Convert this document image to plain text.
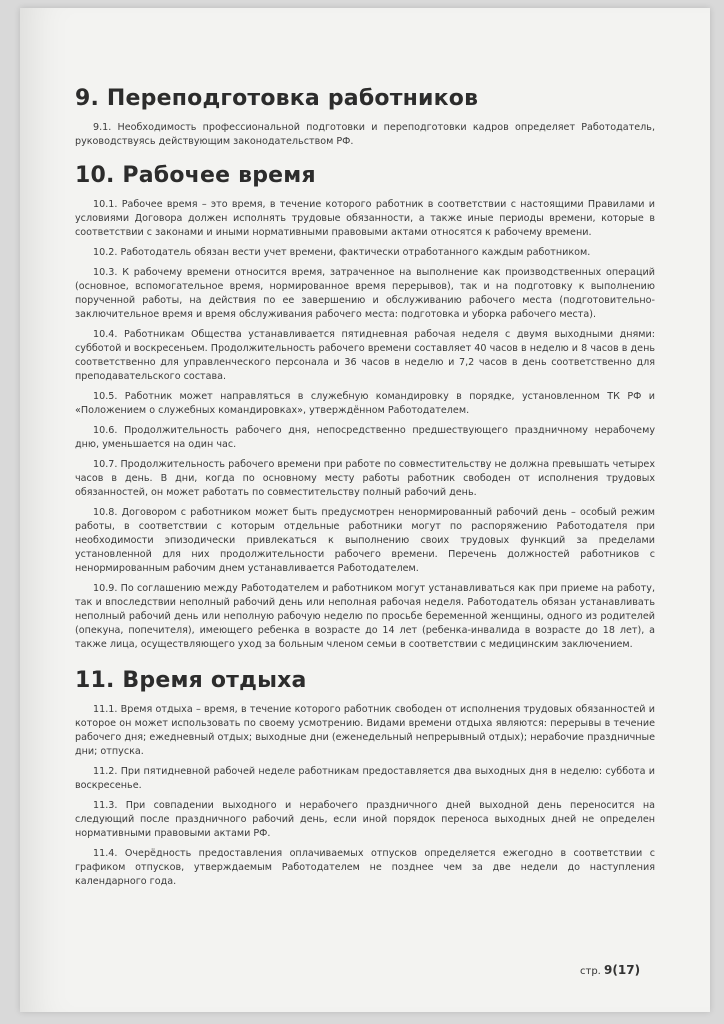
9. Переподготовка работников

9.1. Необходимость профессиональной подготовки и переподготовки кадров определяет Работодатель, руководствуясь действующим законодательством РФ.

10. Рабочее время

10.1. Рабочее время – это время, в течение которого работник в соответствии с настоящими Правилами и условиями Договора должен исполнять трудовые обязанности, а также иные периоды времени, которые в соответствии с законами и иными нормативными правовыми актами относятся к рабочему времени.

10.2. Работодатель обязан вести учет времени, фактически отработанного каждым работником.

10.3. К рабочему времени относится время, затраченное на выполнение как производственных операций (основное, вспомогательное время, нормированное время перерывов), так и на подготовку к выполнению порученной работы, на действия по ее завершению и обслуживанию рабочего места (подготовительно-заключительное время и время обслуживания рабочего места: подготовка и уборка рабочего места).

10.4. Работникам Общества устанавливается пятидневная рабочая неделя с двумя выходными днями: субботой и воскресеньем. Продолжительность рабочего времени составляет 40 часов в неделю и 8 часов в день соответственно для управленческого персонала и 36 часов в неделю и 7,2 часов в день соответственно для преподавательского состава.

10.5. Работник может направляться в служебную командировку в порядке, установленном ТК РФ и «Положением о служебных командировках», утверждённом Работодателем.

10.6. Продолжительность рабочего дня, непосредственно предшествующего праздничному нерабочему дню, уменьшается на один час.

10.7. Продолжительность рабочего времени при работе по совместительству не должна превышать четырех часов в день. В дни, когда по основному месту работы работник свободен от исполнения трудовых обязанностей, он может работать по совместительству полный рабочий день.

10.8. Договором с работником может быть предусмотрен ненормированный рабочий день – особый режим работы, в соответствии с которым отдельные работники могут по распоряжению Работодателя при необходимости эпизодически привлекаться к выполнению своих трудовых функций за пределами установленной для них продолжительности рабочего времени. Перечень должностей работников с ненормированным рабочим днем устанавливается Работодателем.

10.9. По соглашению между Работодателем и работником могут устанавливаться как при приеме на работу, так и впоследствии неполный рабочий день или неполная рабочая неделя. Работодатель обязан устанавливать неполный рабочий день или неполную рабочую неделю по просьбе беременной женщины, одного из родителей (опекуна, попечителя), имеющего ребенка в возрасте до 14 лет (ребенка-инвалида в возрасте до 18 лет), а также лица, осуществляющего уход за больным членом семьи в соответствии с медицинским заключением.

11. Время отдыха

11.1. Время отдыха – время, в течение которого работник свободен от исполнения трудовых обязанностей и которое он может использовать по своему усмотрению. Видами времени отдыха являются: перерывы в течение рабочего дня; ежедневный отдых; выходные дни (еженедельный непрерывный отдых); нерабочие праздничные дни; отпуска.

11.2. При пятидневной рабочей неделе работникам предоставляется два выходных дня в неделю: суббота и воскресенье.

11.3. При совпадении выходного и нерабочего праздничного дней выходной день переносится на следующий после праздничного рабочий день, если иной порядок переноса выходных дней не определен нормативными правовыми актами РФ.

11.4. Очерёдность предоставления оплачиваемых отпусков определяется ежегодно в соответствии с графиком отпусков, утверждаемым Работодателем не позднее чем за две недели до наступления календарного года.

стр. 9(17)
